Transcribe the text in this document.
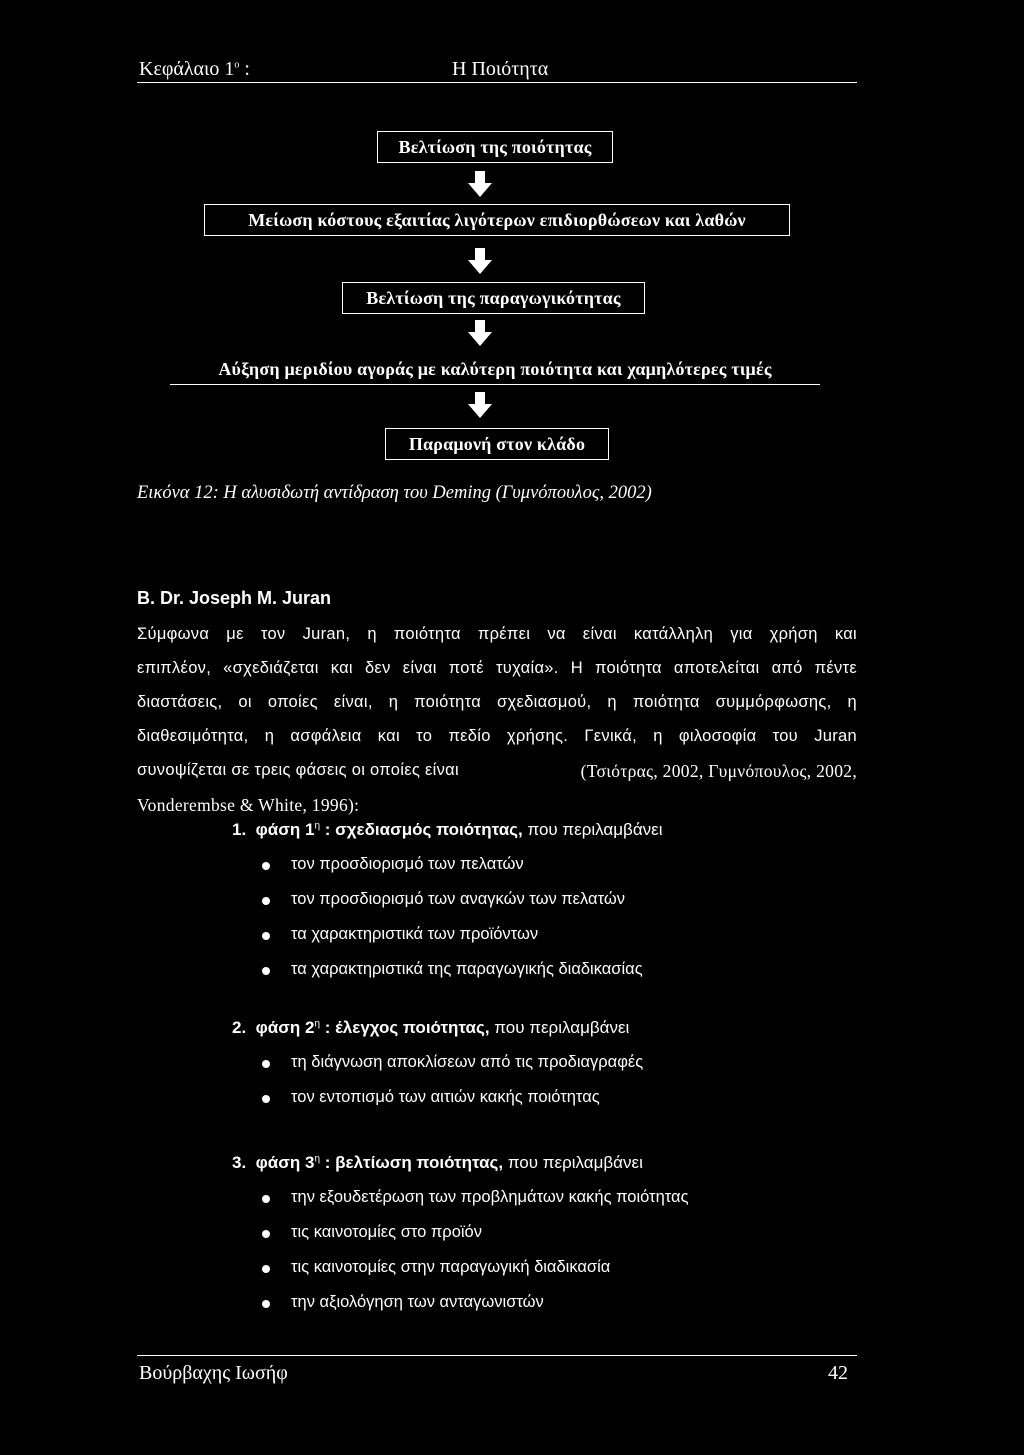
Κεφάλαιο $1^o$ :	Η Ποιότητα
Βελτίωση της ποιότητας
Μείωση κόστους εξαιτίας λιγότερων επιδιορθώσεων και λαθών
Βελτίωση της παραγωγικότητας
Αύξηση μεριδίου αγοράς με καλύτερη ποιότητα και χαμηλότερες τιμές
Παραμονή στον κλάδο
Εικόνα 12: Η αλυσιδωτή αντίδραση του Deming (Γυμνόπουλος, 2002)
B. Dr. Joseph M. Juran
Σύμφωνα με τον Juran, η ποιότητα πρέπει να είναι κατάλληλη για χρήση και
επιπλέον, «σχεδιάζεται και δεν είναι ποτέ τυχαία». Η ποιότητα αποτελείται από πέντε
διαστάσεις, οι οποίες είναι, η ποιότητα σχεδιασμού, η ποιότητα συμμόρφωσης, η
διαθεσιμότητα, η ασφάλεια και το πεδίο χρήσης. Γενικά, η φιλοσοφία του Juran
συνοψίζεται σε τρεις φάσεις οι οποίες είναι	(Τσιότρας, 2002, Γυμνόπουλος, 2002,
Vonderembse & White, 1996):
1. φάση $1^\eta$ : σχεδιασμός ποιότητας, που περιλαμβάνει
τον προσδιορισμό των πελατών
τον προσδιορισμό των αναγκών των πελατών
τα χαρακτηριστικά των προϊόντων
τα χαρακτηριστικά της παραγωγικής διαδικασίας
2. φάση $2^\eta$ : έλεγχος ποιότητας, που περιλαμβάνει
τη διάγνωση αποκλίσεων από τις προδιαγραφές
τον εντοπισμό των αιτιών κακής ποιότητας
3. φάση $3^\eta$ : βελτίωση ποιότητας, που περιλαμβάνει
την εξουδετέρωση των προβλημάτων κακής ποιότητας
τις καινοτομίες στο προϊόν
τις καινοτομίες στην παραγωγική διαδικασία
την αξιολόγηση των ανταγωνιστών
Βούρβαχης Ιωσήφ	42
